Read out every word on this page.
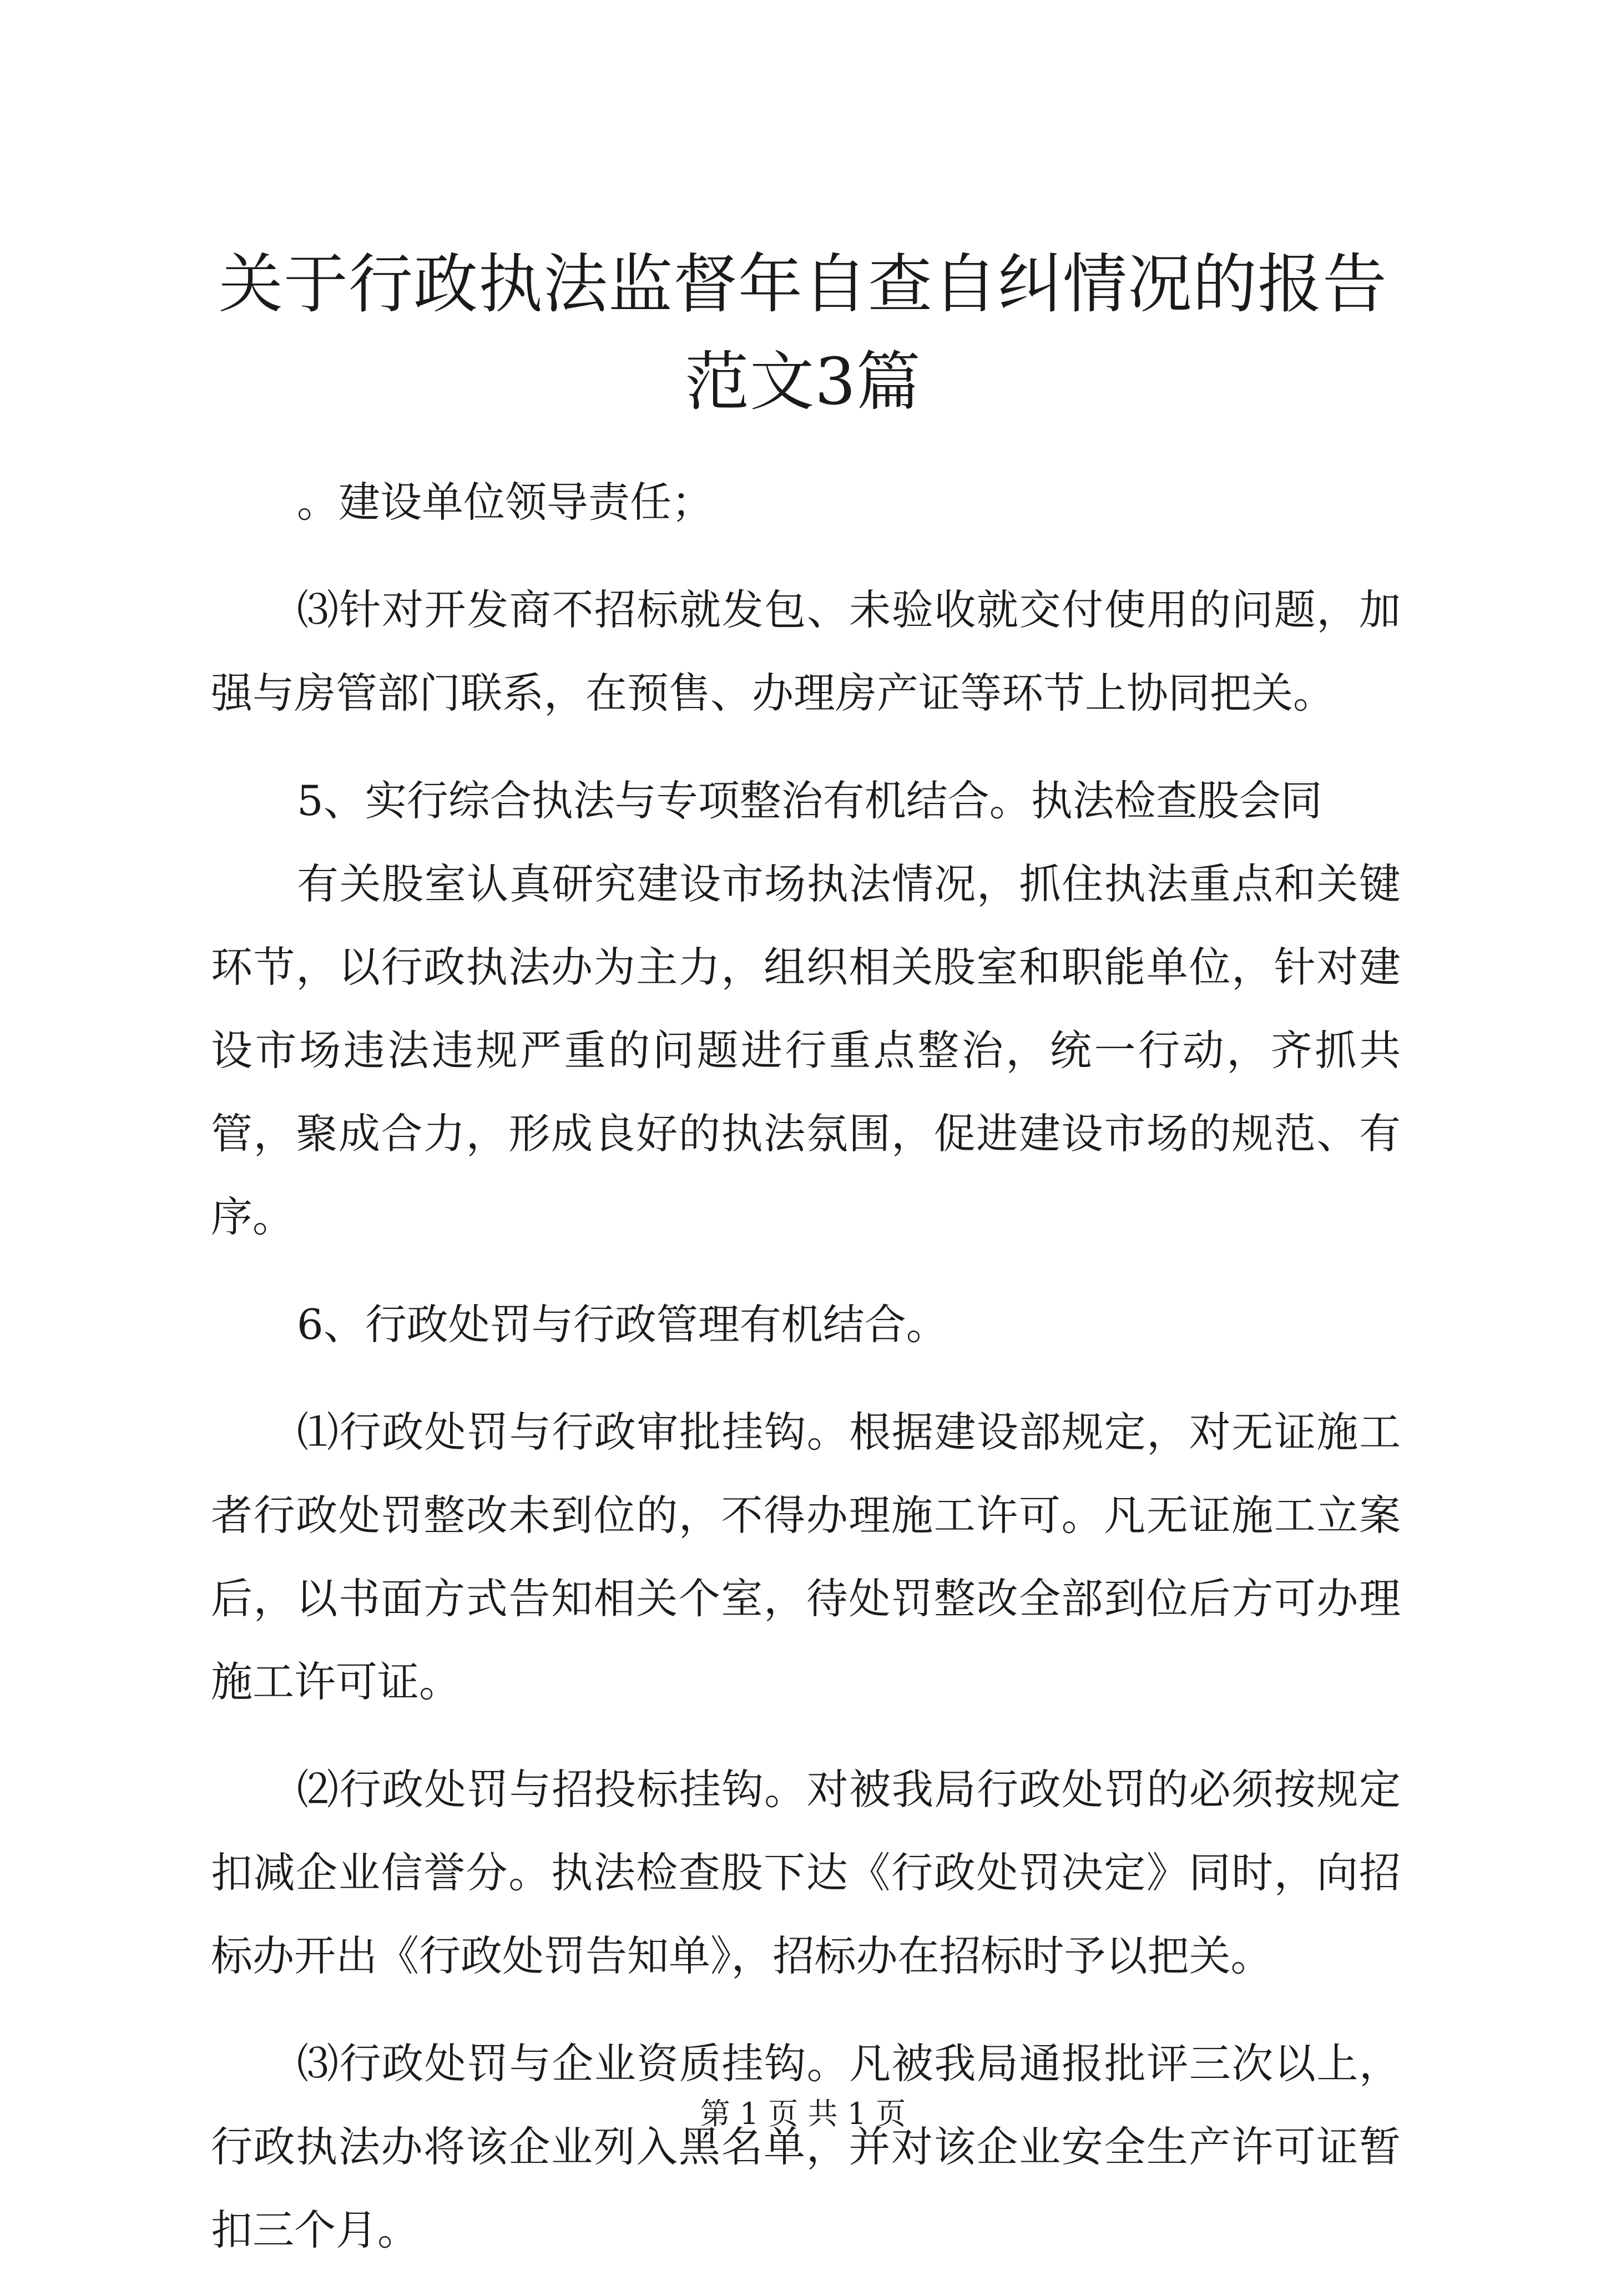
关于行政执法监督年自查自纠情况的报告范文3篇

。建设单位领导责任；

⑶针对开发商不招标就发包、未验收就交付使用的问题，加强与房管部门联系，在预售、办理房产证等环节上协同把关。

5、实行综合执法与专项整治有机结合。执法检查股会同

有关股室认真研究建设市场执法情况，抓住执法重点和关键环节，以行政执法办为主力，组织相关股室和职能单位，针对建设市场违法违规严重的问题进行重点整治，统一行动，齐抓共管，聚成合力，形成良好的执法氛围，促进建设市场的规范、有序。

6、行政处罚与行政管理有机结合。

⑴行政处罚与行政审批挂钩。根据建设部规定，对无证施工者行政处罚整改未到位的，不得办理施工许可。凡无证施工立案后，以书面方式告知相关个室，待处罚整改全部到位后方可办理施工许可证。

⑵行政处罚与招投标挂钩。对被我局行政处罚的必须按规定扣减企业信誉分。执法检查股下达《行政处罚决定》同时，向招标办开出《行政处罚告知单》，招标办在招标时予以把关。

⑶行政处罚与企业资质挂钩。凡被我局通报批评三次以上，行政执法办将该企业列入黑名单，并对该企业安全生产许可证暂扣三个月。

第 1 页 共 1 页
